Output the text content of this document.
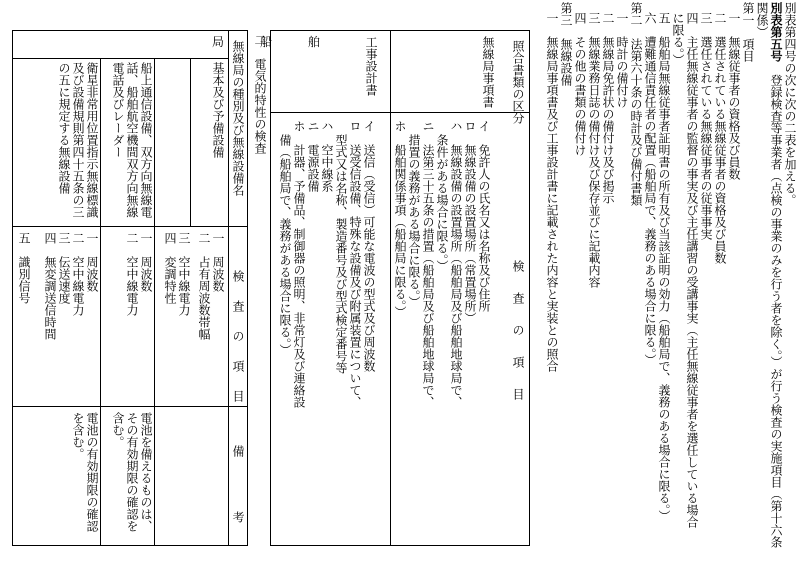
別表第四号の次に次の二表を加える。
別表第五号
登録検査等事業者（点検の事業のみを行う者を除く。）が行う検査の実施項目（第十六条
関係）
第一　項目
一　無線従事者の資格及び員数
二　選任されている無線従事者の資格及び員数
三　選任されている無線従事者の従事事実
四　主任無線従事者の監督の事実及び主任講習の受講事実（主任無線従事者を選任している場合
に限る。）
五　船舶局無線従事者証明書の所有及び当該証明の効力（船舶局で、義務のある場合に限る。）
六　遭難通信責任者の配置（船舶局で、義務のある場合に限る。）
第二　法第六十条の時計及び備付書類
一　時計の備付け
二　無線局免許状の備付け及び掲示
三　無線業務日誌の備付け及び保存並びに記載内容
四　その他の書類の備付け
第三　無線設備
一　無線局事項書及び工事設計書に記載された内容と実装との照合
照合書類の区分
検　査　の　項　目
無線局事項書
イ　免許人の氏名又は名称及び住所
ロ　無線設備の設置場所（常置場所）
ハ　無線設備の設置場所（船舶局及び船舶地球局で、
条件がある場合に限る。）
ニ　法第三十五条の措置（船舶局及び船舶地球局で、
措置の義務がある場合に限る。）
ホ　船舶関係事項（船舶局に限る。）
工事設計書
イ　送信（受信）可能な電波の型式及び周波数
ロ　送受信設備、特殊な設備及び附属装置について、
型式又は名称、製造番号及び型式検定番号等
ハ　空中線系
ニ　電源設備
ホ　計器、予備品、制御器の照明、非常灯及び連絡設
備（船舶局で、義務がある場合に限る。）
二　電気的特性の検査
無線局の種別及び無線設備名
検　査　の　項　目
備　　考
局　船　舶
基本及び予備設備
船上通信設備、双方向無線電
話、船舶航空機間双方向無線
電話及びレーダー
衛星非常用位置指示無線標識
及び設備規則第四十五条の三
の五に規定する無線設備
一　周波数
二　占有周波数帯幅
三　空中線電力
四　変調特性
一　周波数
二　空中線電力
一　周波数
二　空中線電力
三　伝送速度
四　無変調送信時間
五　識別信号
電池を備えるものは、
その有効期限の確認を
含む。
電池の有効期限の確認
を含む。
